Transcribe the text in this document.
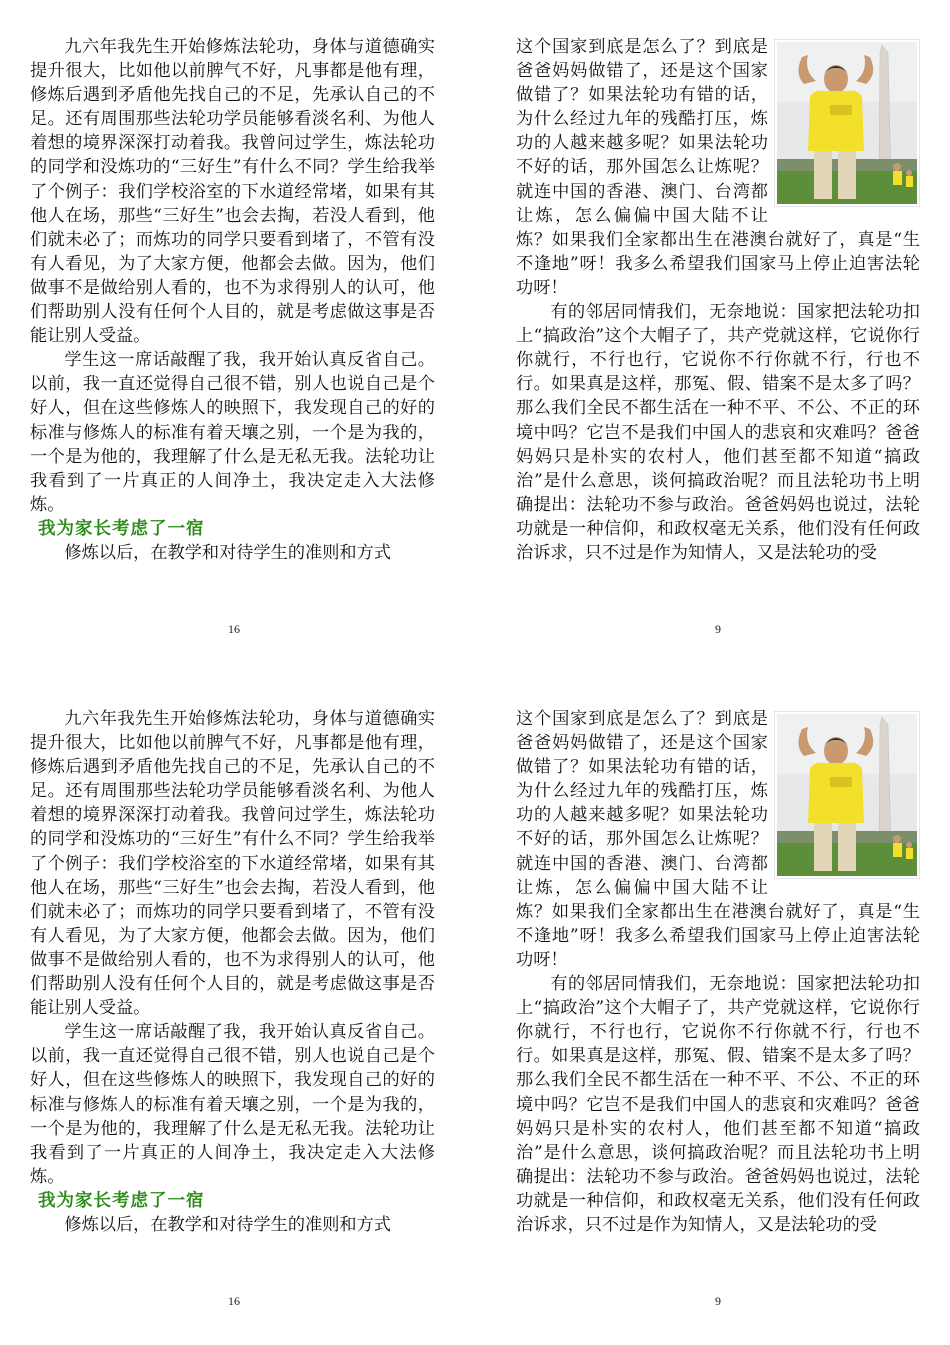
九六年我先生开始修炼法轮功，身体与道德确实提升很大，比如他以前脾气不好，凡事都是他有理，修炼后遇到矛盾他先找自己的不足，先承认自己的不足。还有周围那些法轮功学员能够看淡名利、为他人着想的境界深深打动着我。我曾问过学生，炼法轮功的同学和没炼功的“三好生”有什么不同？学生给我举了个例子：我们学校浴室的下水道经常堵，如果有其他人在场，那些“三好生”也会去掏，若没人看到，他们就未必了；而炼功的同学只要看到堵了，不管有没有人看见，为了大家方便，他都会去做。因为，他们做事不是做给别人看的，也不为求得别人的认可，他们帮助别人没有任何个人目的，就是考虑做这事是否能让别人受益。

学生这一席话敲醒了我，我开始认真反省自己。以前，我一直还觉得自己很不错，别人也说自己是个好人，但在这些修炼人的映照下，我发现自己的好的标准与修炼人的标准有着天壤之别，一个是为我的，一个是为他的，我理解了什么是无私无我。法轮功让我看到了一片真正的人间净土，我决定走入大法修炼。

我为家长考虑了一宿

修炼以后，在教学和对待学生的准则和方式

16

这个国家到底是怎么了？到底是爸爸妈妈做错了，还是这个国家做错了？如果法轮功有错的话，为什么经过九年的残酷打压，炼功的人越来越多呢？如果法轮功不好的话，那外国怎么让炼呢？就连中国的香港、澳门、台湾都让炼，怎么偏偏中国大陆不让炼？如果我们全家都出生在港澳台就好了，真是“生不逢地”呀！我多么希望我们国家马上停止迫害法轮功呀！

有的邻居同情我们，无奈地说：国家把法轮功扣上“搞政治”这个大帽子了，共产党就这样，它说你行你就行，不行也行，它说你不行你就不行，行也不行。如果真是这样，那冤、假、错案不是太多了吗？那么我们全民不都生活在一种不平、不公、不正的环境中吗？它岂不是我们中国人的悲哀和灾难吗？爸爸妈妈只是朴实的农村人，他们甚至都不知道“搞政治”是什么意思，谈何搞政治呢？而且法轮功书上明确提出：法轮功不参与政治。爸爸妈妈也说过，法轮功就是一种信仰，和政权毫无关系，他们没有任何政治诉求，只不过是作为知情人，又是法轮功的受

9

九六年我先生开始修炼法轮功，身体与道德确实提升很大，比如他以前脾气不好，凡事都是他有理，修炼后遇到矛盾他先找自己的不足，先承认自己的不足。还有周围那些法轮功学员能够看淡名利、为他人着想的境界深深打动着我。我曾问过学生，炼法轮功的同学和没炼功的“三好生”有什么不同？学生给我举了个例子：我们学校浴室的下水道经常堵，如果有其他人在场，那些“三好生”也会去掏，若没人看到，他们就未必了；而炼功的同学只要看到堵了，不管有没有人看见，为了大家方便，他都会去做。因为，他们做事不是做给别人看的，也不为求得别人的认可，他们帮助别人没有任何个人目的，就是考虑做这事是否能让别人受益。

学生这一席话敲醒了我，我开始认真反省自己。以前，我一直还觉得自己很不错，别人也说自己是个好人，但在这些修炼人的映照下，我发现自己的好的标准与修炼人的标准有着天壤之别，一个是为我的，一个是为他的，我理解了什么是无私无我。法轮功让我看到了一片真正的人间净土，我决定走入大法修炼。

我为家长考虑了一宿

修炼以后，在教学和对待学生的准则和方式

16

这个国家到底是怎么了？到底是爸爸妈妈做错了，还是这个国家做错了？如果法轮功有错的话，为什么经过九年的残酷打压，炼功的人越来越多呢？如果法轮功不好的话，那外国怎么让炼呢？就连中国的香港、澳门、台湾都让炼，怎么偏偏中国大陆不让炼？如果我们全家都出生在港澳台就好了，真是“生不逢地”呀！我多么希望我们国家马上停止迫害法轮功呀！

有的邻居同情我们，无奈地说：国家把法轮功扣上“搞政治”这个大帽子了，共产党就这样，它说你行你就行，不行也行，它说你不行你就不行，行也不行。如果真是这样，那冤、假、错案不是太多了吗？那么我们全民不都生活在一种不平、不公、不正的环境中吗？它岂不是我们中国人的悲哀和灾难吗？爸爸妈妈只是朴实的农村人，他们甚至都不知道“搞政治”是什么意思，谈何搞政治呢？而且法轮功书上明确提出：法轮功不参与政治。爸爸妈妈也说过，法轮功就是一种信仰，和政权毫无关系，他们没有任何政治诉求，只不过是作为知情人，又是法轮功的受

9
